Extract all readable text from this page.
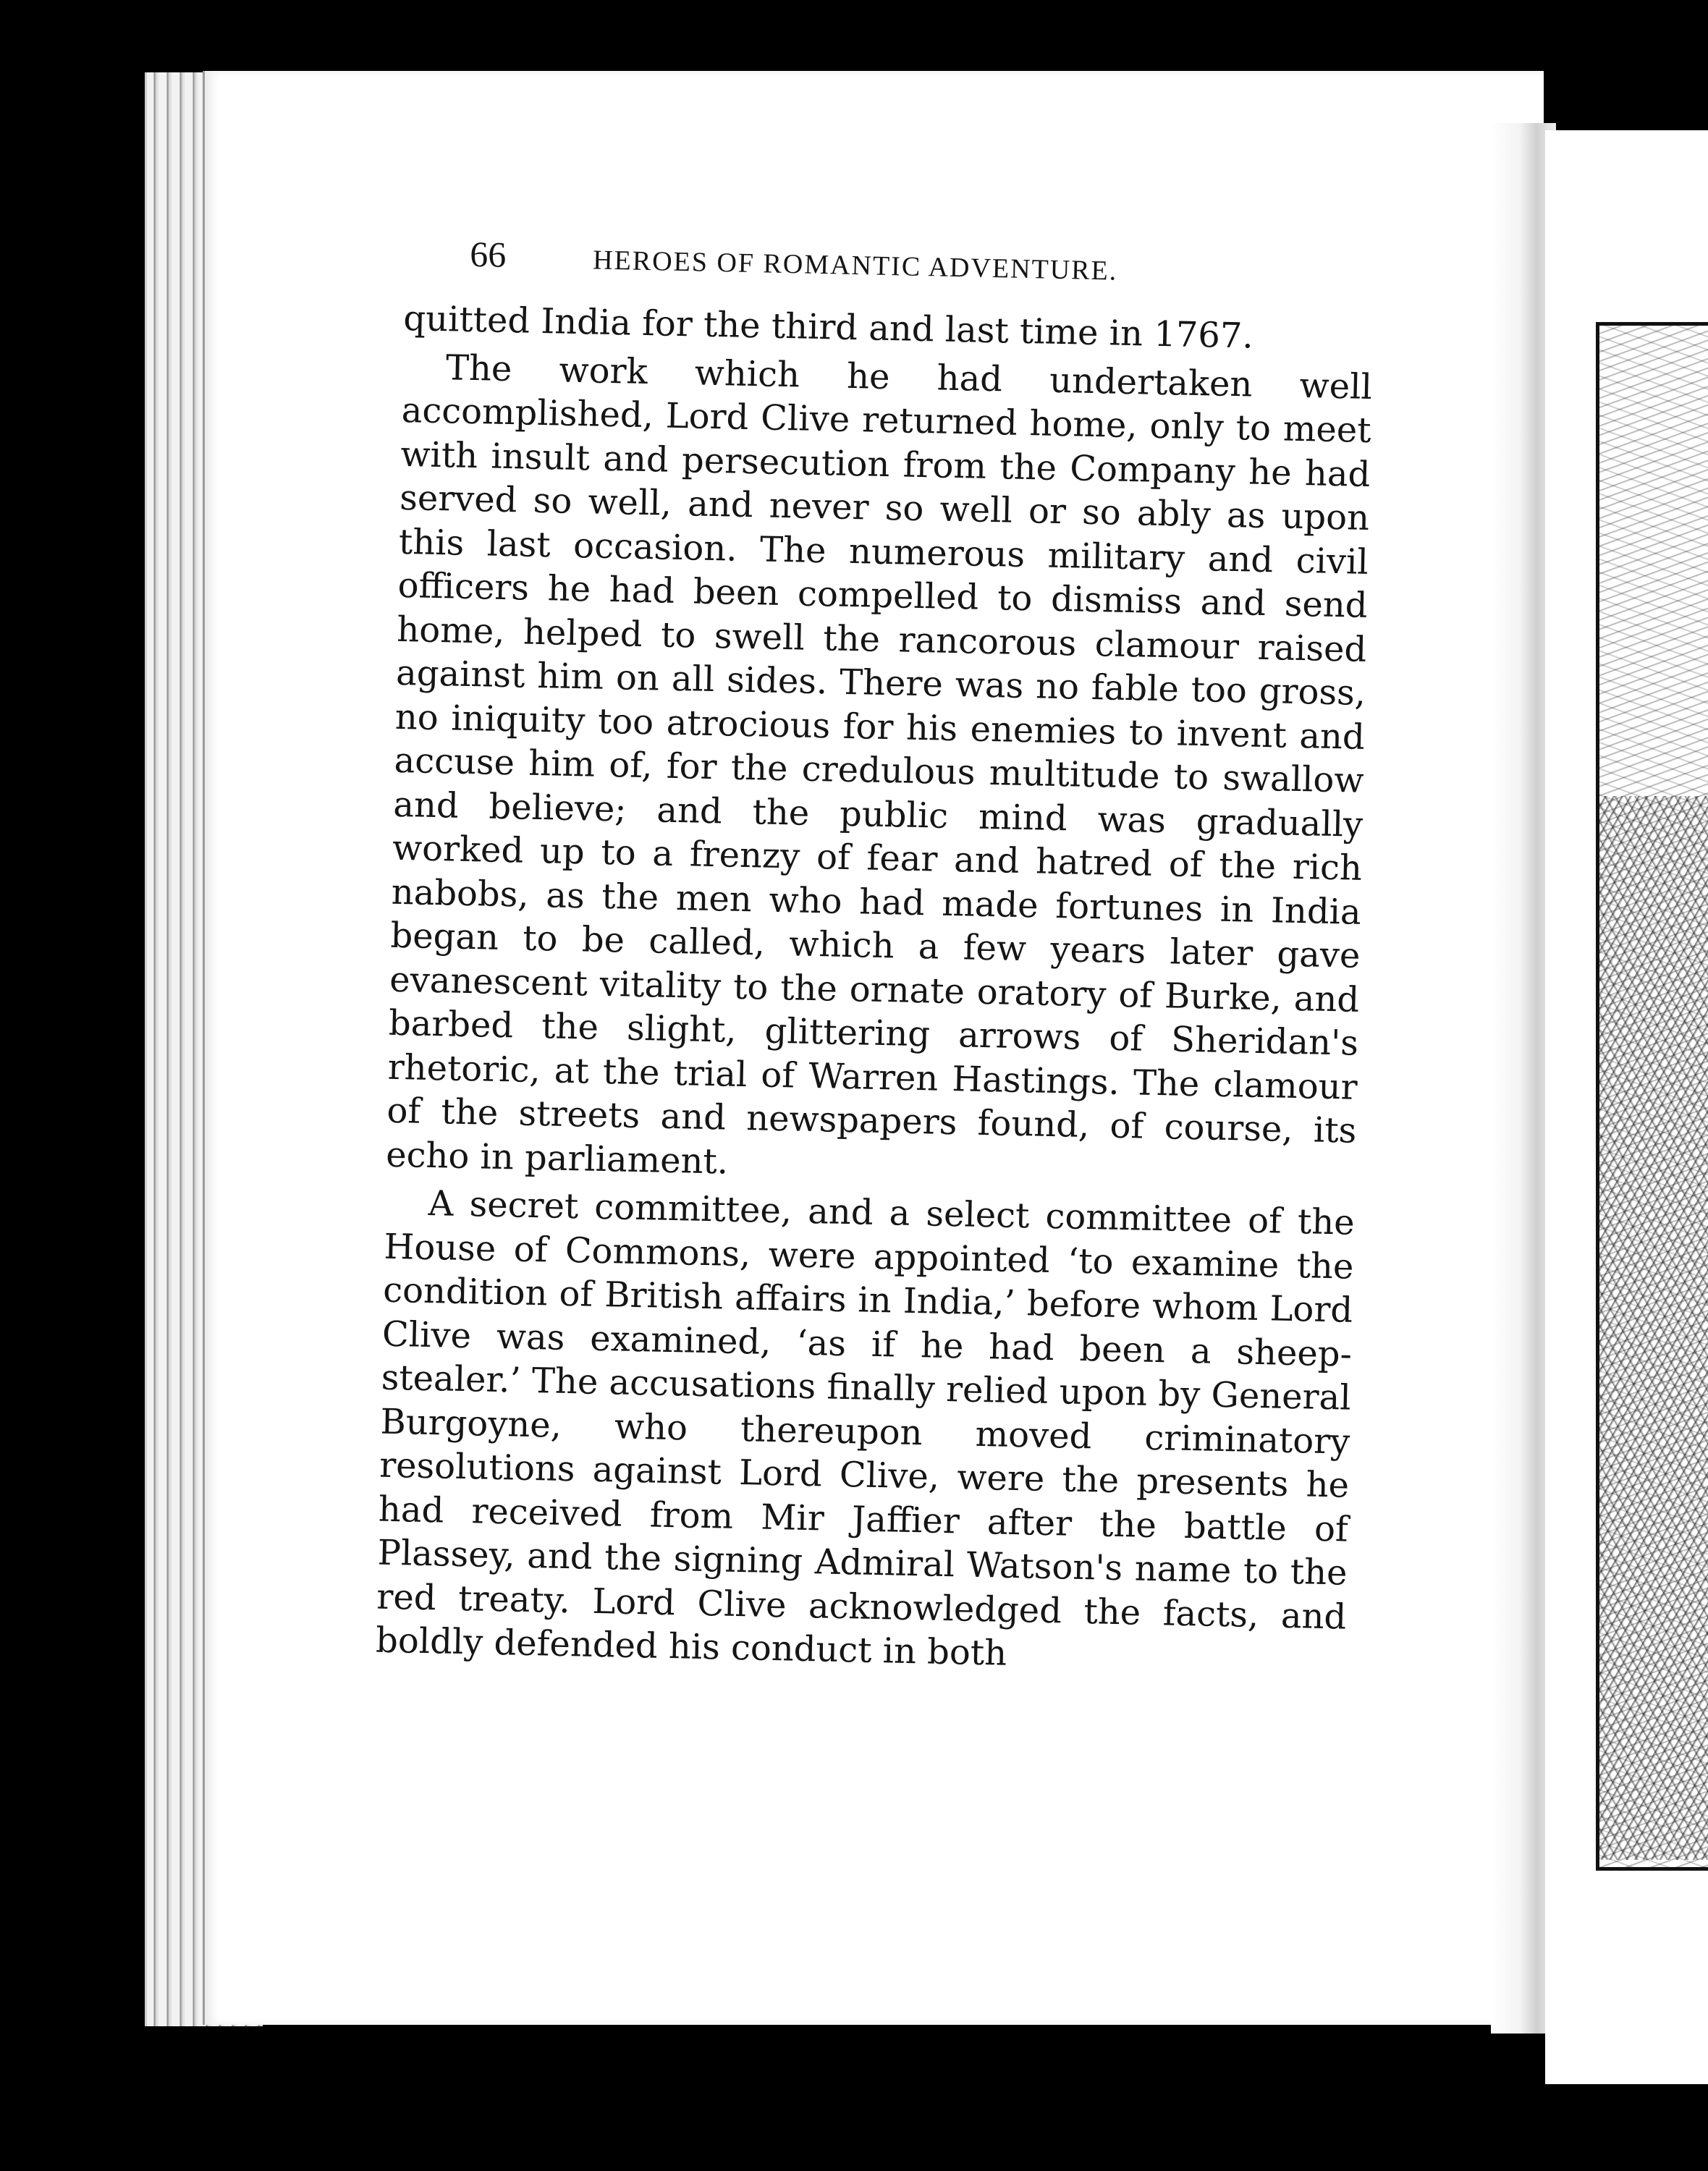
66	HEROES OF ROMANTIC ADVENTURE.

quitted India for the third and last time in 1767.

The work which he had undertaken well accomplished, Lord Clive returned home, only to meet with insult and persecution from the Company he had served so well, and never so well or so ably as upon this last occasion. The numerous military and civil officers he had been compelled to dismiss and send home, helped to swell the rancorous clamour raised against him on all sides. There was no fable too gross, no iniquity too atrocious for his enemies to invent and accuse him of, for the credulous multitude to swallow and believe; and the public mind was gradually worked up to a frenzy of fear and hatred of the rich nabobs, as the men who had made fortunes in India began to be called, which a few years later gave evanescent vitality to the ornate oratory of Burke, and barbed the slight, glittering arrows of Sheridan's rhetoric, at the trial of Warren Hastings. The clamour of the streets and newspapers found, of course, its echo in parliament.

A secret committee, and a select committee of the House of Commons, were appointed ‘to examine the condition of British affairs in India,’ before whom Lord Clive was examined, ‘as if he had been a sheep-stealer.’ The accusations finally relied upon by General Burgoyne, who thereupon moved criminatory resolutions against Lord Clive, were the presents he had received from Mir Jaffier after the battle of Plassey, and the signing Admiral Watson's name to the red treaty. Lord Clive acknowledged the facts, and boldly defended his conduct in both
